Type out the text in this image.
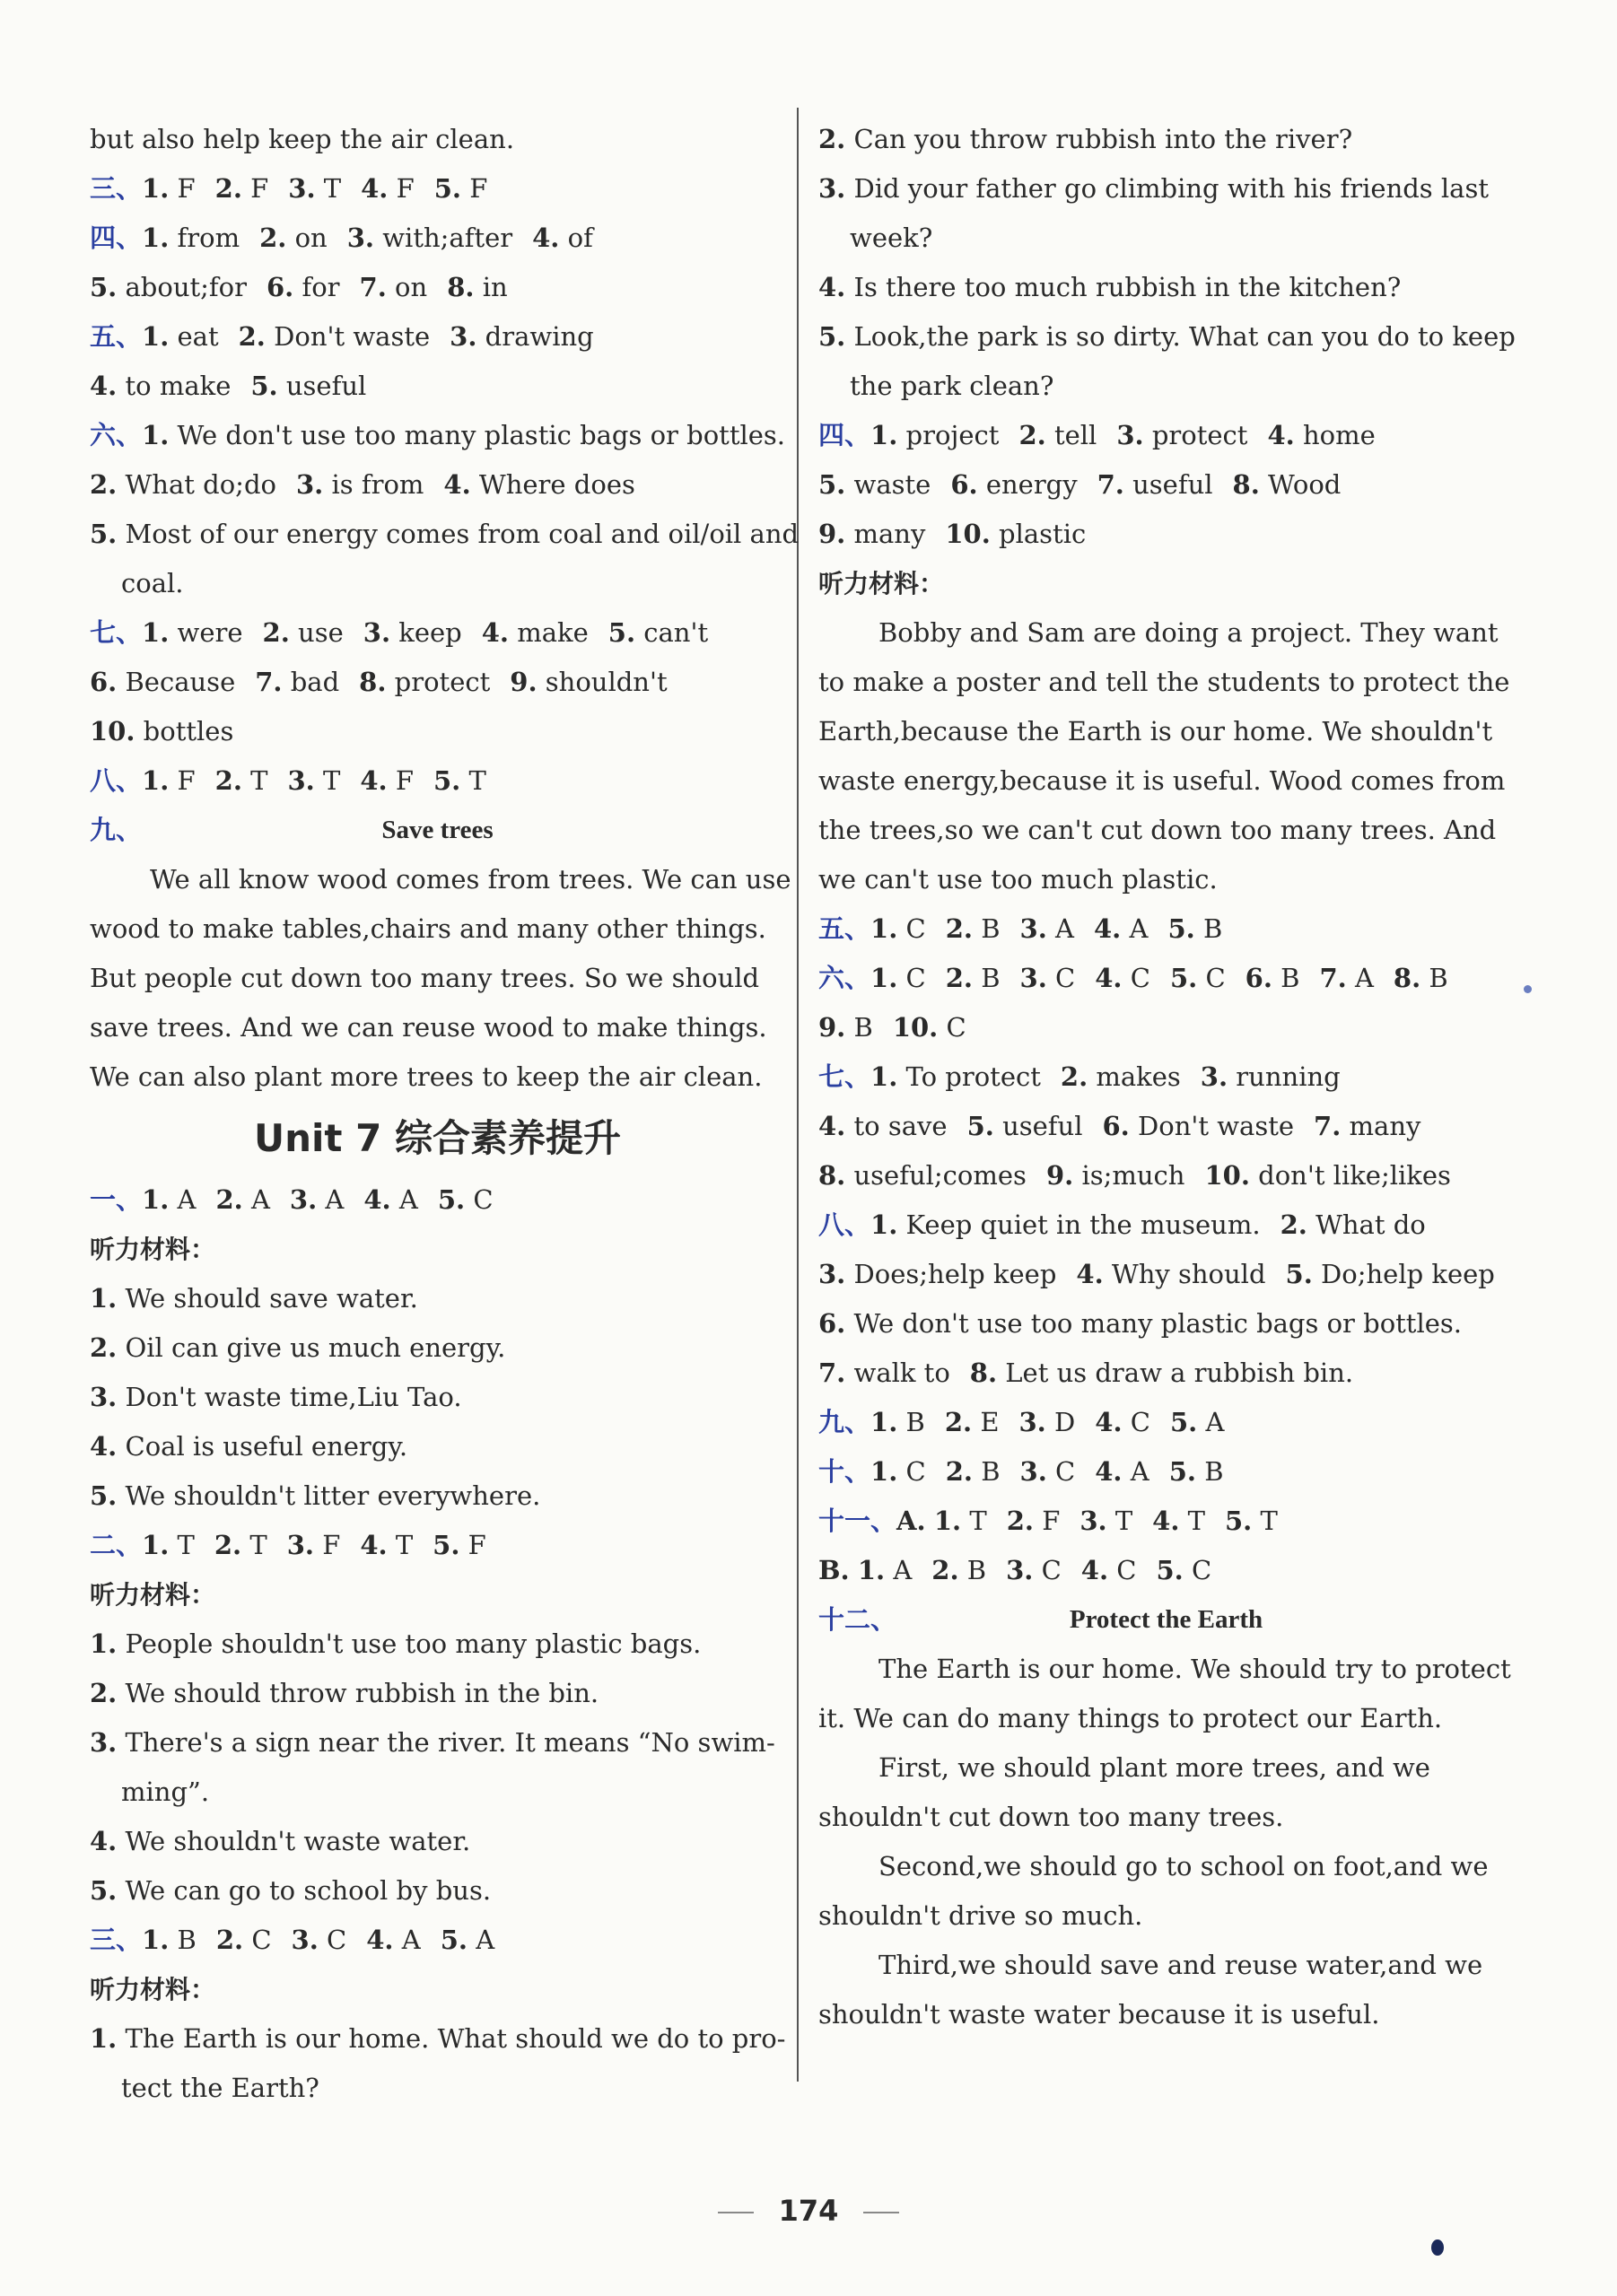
but also help keep the air clean.
三、1. F 2. F 3. T 4. F 5. F
四、1. from 2. on 3. with;after 4. of
5. about;for 6. for 7. on 8. in
五、1. eat 2. Don't waste 3. drawing
4. to make 5. useful
六、1. We don't use too many plastic bags or bottles.
2. What do;do 3. is from 4. Where does
5. Most of our energy comes from coal and oil/oil and
coal.
七、1. were 2. use 3. keep 4. make 5. can't
6. Because 7. bad 8. protect 9. shouldn't
10. bottles
八、1. F 2. T 3. T 4. F 5. T
九、	Save trees
We all know wood comes from trees. We can use
wood to make tables,chairs and many other things.
But people cut down too many trees. So we should
save trees. And we can reuse wood to make things.
We can also plant more trees to keep the air clean.
Unit 7 综合素养提升
一、1. A 2. A 3. A 4. A 5. C
听力材料：
1. We should save water.
2. Oil can give us much energy.
3. Don't waste time,Liu Tao.
4. Coal is useful energy.
5. We shouldn't litter everywhere.
二、1. T 2. T 3. F 4. T 5. F
听力材料：
1. People shouldn't use too many plastic bags.
2. We should throw rubbish in the bin.
3. There's a sign near the river. It means “No swim-
ming”.
4. We shouldn't waste water.
5. We can go to school by bus.
三、1. B 2. C 3. C 4. A 5. A
听力材料：
1. The Earth is our home. What should we do to pro-
tect the Earth?
2. Can you throw rubbish into the river?
3. Did your father go climbing with his friends last
week?
4. Is there too much rubbish in the kitchen?
5. Look,the park is so dirty. What can you do to keep
the park clean?
四、1. project 2. tell 3. protect 4. home
5. waste 6. energy 7. useful 8. Wood
9. many 10. plastic
听力材料：
Bobby and Sam are doing a project. They want
to make a poster and tell the students to protect the
Earth,because the Earth is our home. We shouldn't
waste energy,because it is useful. Wood comes from
the trees,so we can't cut down too many trees. And
we can't use too much plastic.
五、1. C 2. B 3. A 4. A 5. B
六、1. C 2. B 3. C 4. C 5. C 6. B 7. A 8. B
9. B 10. C
七、1. To protect 2. makes 3. running
4. to save 5. useful 6. Don't waste 7. many
8. useful;comes 9. is;much 10. don't like;likes
八、1. Keep quiet in the museum. 2. What do
3. Does;help keep 4. Why should 5. Do;help keep
6. We don't use too many plastic bags or bottles.
7. walk to 8. Let us draw a rubbish bin.
九、1. B 2. E 3. D 4. C 5. A
十、1. C 2. B 3. C 4. A 5. B
十一、A. 1. T 2. F 3. T 4. T 5. T
B. 1. A 2. B 3. C 4. C 5. C
十二、	Protect the Earth
The Earth is our home. We should try to protect
it. We can do many things to protect our Earth.
First, we should plant more trees, and we
shouldn't cut down too many trees.
Second,we should go to school on foot,and we
shouldn't drive so much.
Third,we should save and reuse water,and we
shouldn't waste water because it is useful.
174
